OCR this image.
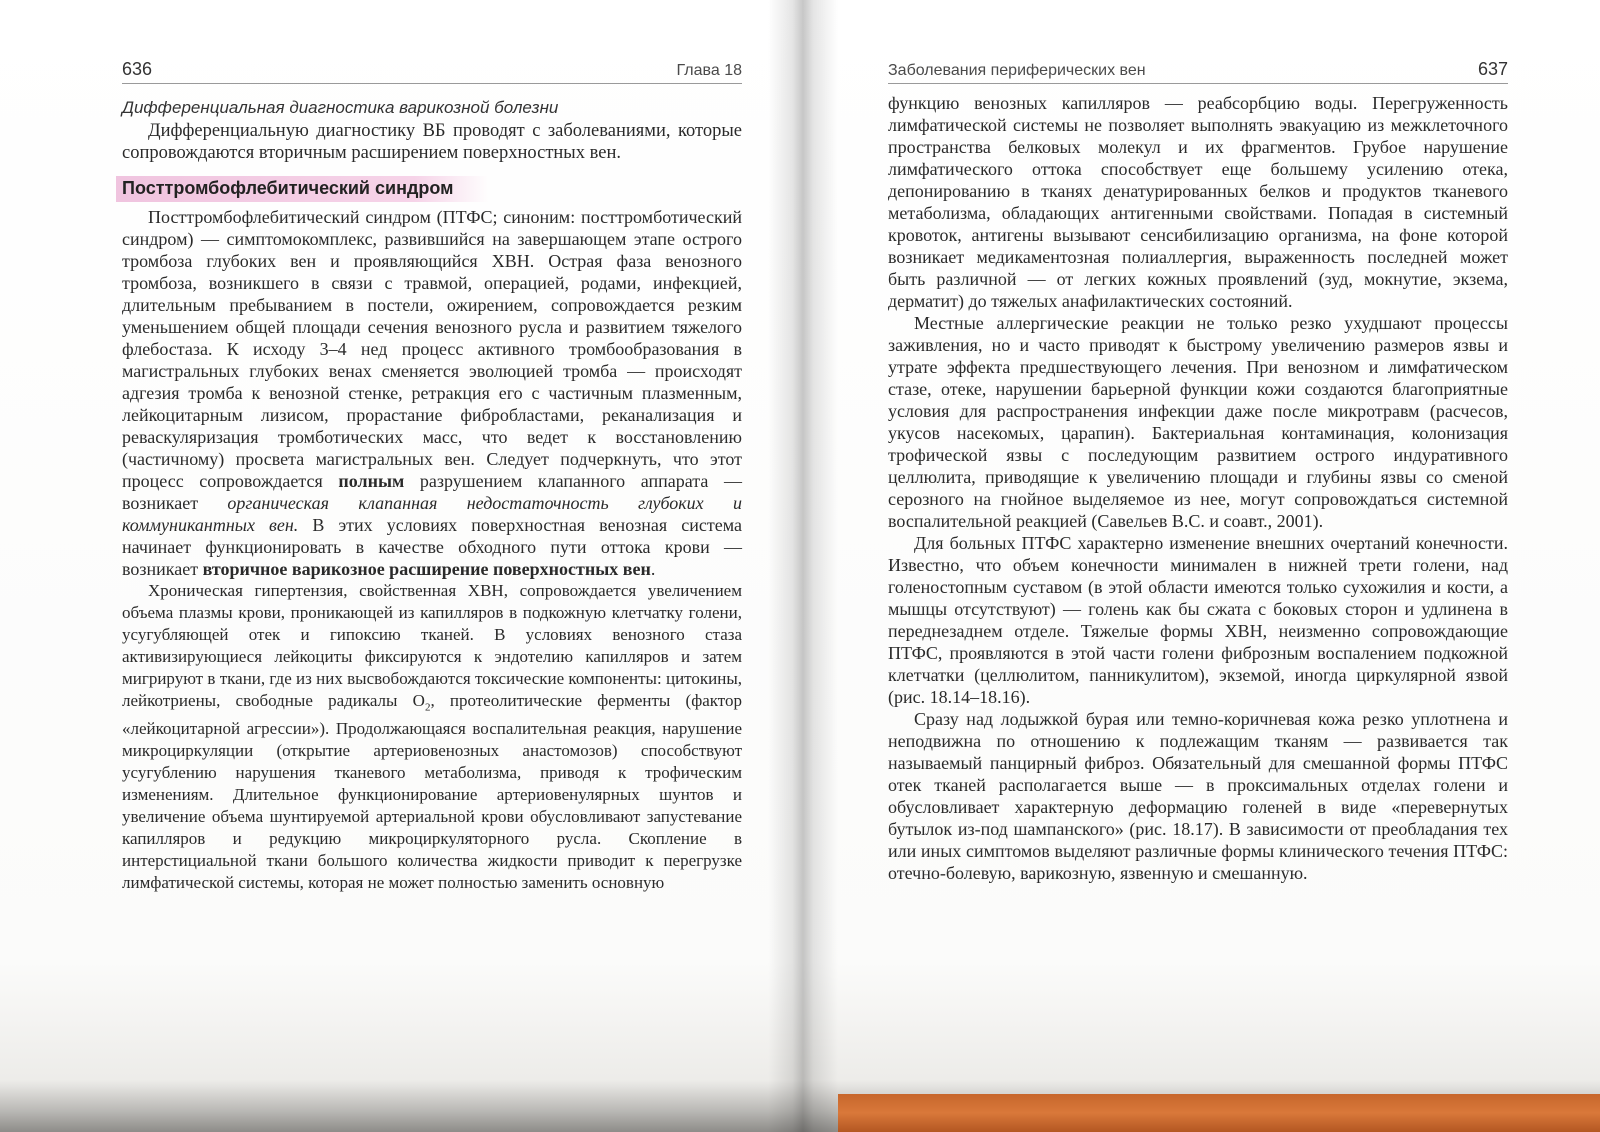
636	Глава 18
Дифференциальная диагностика варикозной болезни

Дифференциальную диагностику ВБ проводят с заболеваниями, которые сопровождаются вторичным расширением поверхностных вен.

Посттромбофлебитический синдром

Посттромбофлебитический синдром (ПТФС; синоним: посттромботический синдром) — симптомокомплекс, развившийся на завершающем этапе острого тромбоза глубоких вен и проявляющийся ХВН. Острая фаза венозного тромбоза, возникшего в связи с травмой, операцией, родами, инфекцией, длительным пребыванием в постели, ожирением, сопровождается резким уменьшением общей площади сечения венозного русла и развитием тяжелого флебостаза. К исходу 3–4 нед процесс активного тромбообразования в магистральных глубоких венах сменяется эволюцией тромба — происходят адгезия тромба к венозной стенке, ретракция его с частичным плазменным, лейкоцитарным лизисом, прорастание фибробластами, реканализация и реваскуляризация тромботических масс, что ведет к восстановлению (частичному) просвета магистральных вен. Следует подчеркнуть, что этот процесс сопровождается полным разрушением клапанного аппарата — возникает органическая клапанная недостаточность глубоких и коммуникантных вен. В этих условиях поверхностная венозная система начинает функционировать в качестве обходного пути оттока крови — возникает вторичное варикозное расширение поверхностных вен.

Хроническая гипертензия, свойственная ХВН, сопровождается увеличением объема плазмы крови, проникающей из капилляров в подкожную клетчатку голени, усугубляющей отек и гипоксию тканей. В условиях венозного стаза активизирующиеся лейкоциты фиксируются к эндотелию капилляров и затем мигрируют в ткани, где из них высвобождаются токсические компоненты: цитокины, лейкотриены, свободные радикалы $O_2$, протеолитические ферменты (фактор «лейкоцитарной агрессии»). Продолжающаяся воспалительная реакция, нарушение микроциркуляции (открытие артериовенозных анастомозов) способствуют усугублению нарушения тканевого метаболизма, приводя к трофическим изменениям. Длительное функционирование артериовенулярных шунтов и увеличение объема шунтируемой артериальной крови обусловливают запустевание капилляров и редукцию микроциркуляторного русла. Скопление в интерстициальной ткани большого количества жидкости приводит к перегрузке лимфатической системы, которая не может полностью заменить основную

Заболевания периферических вен	637

функцию венозных капилляров — реабсорбцию воды. Перегруженность лимфатической системы не позволяет выполнять эвакуацию из межклеточного пространства белковых молекул и их фрагментов. Грубое нарушение лимфатического оттока способствует еще большему усилению отека, депонированию в тканях денатурированных белков и продуктов тканевого метаболизма, обладающих антигенными свойствами. Попадая в системный кровоток, антигены вызывают сенсибилизацию организма, на фоне которой возникает медикаментозная полиаллергия, выраженность последней может быть различной — от легких кожных проявлений (зуд, мокнутие, экзема, дерматит) до тяжелых анафилактических состояний.

Местные аллергические реакции не только резко ухудшают процессы заживления, но и часто приводят к быстрому увеличению размеров язвы и утрате эффекта предшествующего лечения. При венозном и лимфатическом стазе, отеке, нарушении барьерной функции кожи создаются благоприятные условия для распространения инфекции даже после микротравм (расчесов, укусов насекомых, царапин). Бактериальная контаминация, колонизация трофической язвы с последующим развитием острого индуративного целлюлита, приводящие к увеличению площади и глубины язвы со сменой серозного на гнойное выделяемое из нее, могут сопровождаться системной воспалительной реакцией (Савельев В.С. и соавт., 2001).

Для больных ПТФС характерно изменение внешних очертаний конечности. Известно, что объем конечности минимален в нижней трети голени, над голеностопным суставом (в этой области имеются только сухожилия и кости, а мышцы отсутствуют) — голень как бы сжата с боковых сторон и удлинена в переднезаднем отделе. Тяжелые формы ХВН, неизменно сопровождающие ПТФС, проявляются в этой части голени фиброзным воспалением подкожной клетчатки (целлюлитом, панникулитом), экземой, иногда циркулярной язвой (рис. 18.14–18.16).

Сразу над лодыжкой бурая или темно-коричневая кожа резко уплотнена и неподвижна по отношению к подлежащим тканям — развивается так называемый панцирный фиброз. Обязательный для смешанной формы ПТФС отек тканей располагается выше — в проксимальных отделах голени и обусловливает характерную деформацию голеней в виде «перевернутых бутылок из-под шампанского» (рис. 18.17). В зависимости от преобладания тех или иных симптомов выделяют различные формы клинического течения ПТФС: отечно-болевую, варикозную, язвенную и смешанную.
